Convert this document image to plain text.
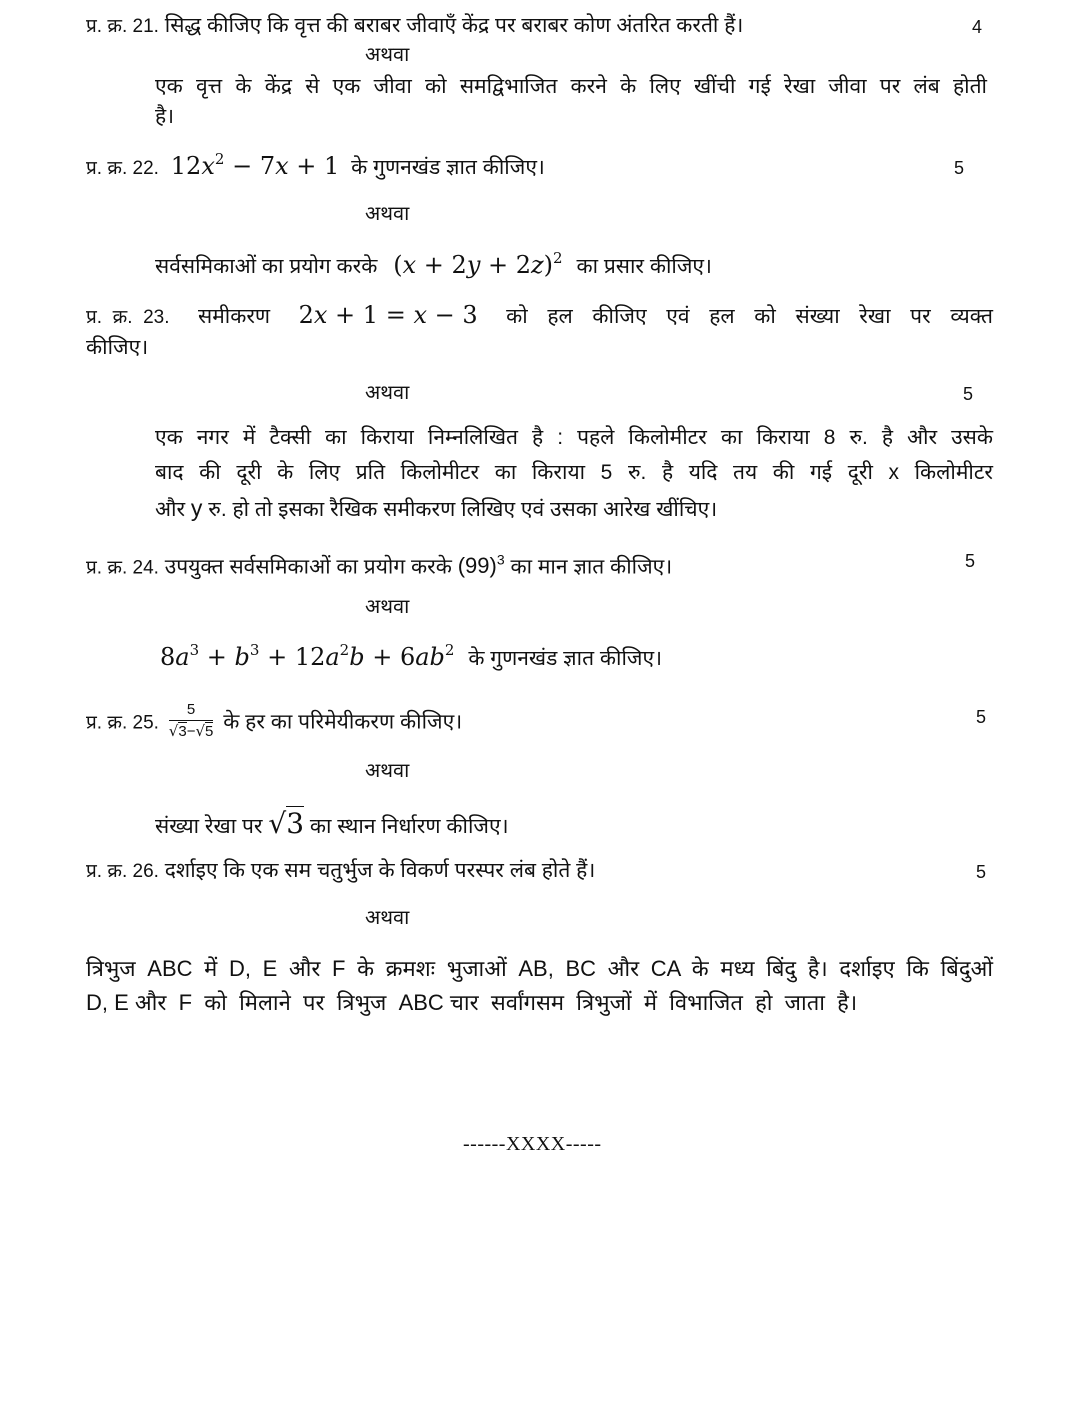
प्र. क्र. 21. सिद्ध कीजिए कि वृत्त की बराबर जीवाएँ केंद्र पर बराबर कोण अंतरित करती हैं।	4
अथवा
एक वृत्त के केंद्र से एक जीवा को समद्विभाजित करने के लिए खींची गई रेखा जीवा पर लंब होती
है।
प्र. क्र. 22. $12x^2 - 7x + 1$ के गुणनखंड ज्ञात कीजिए।	5
अथवा
सर्वसमिकाओं का प्रयोग करके $(x + 2y + 2z)^2$ का प्रसार कीजिए।
प्र.  क्र.  23. समीकरण 2x + 1 = x − 3 को  हल  कीजिए  एवं  हल  को  संख्या  रेखा  पर  व्यक्त
कीजिए।
अथवा	5
एक नगर में टैक्सी का किराया निम्नलिखित है : पहले किलोमीटर का किराया 8 रु. है और उसके
बाद की दूरी के लिए प्रति किलोमीटर का किराया 5 रु. है यदि तय की गई दूरी x किलोमीटर
और y रु. हो तो इसका रैखिक समीकरण लिखिए एवं उसका आरेख खींचिए।
प्र. क्र. 24. उपयुक्त सर्वसमिकाओं का प्रयोग करके $(99)^3$ का मान ज्ञात कीजिए।	5
अथवा
$8a^3 + b^3 + 12a^2b + 6ab^2$ के गुणनखंड ज्ञात कीजिए।
प्र. क्र. 25. $\frac{5}{√3-√5}$ के हर का परिमेयीकरण कीजिए।	5
अथवा
संख्या रेखा पर √3 का स्थान निर्धारण कीजिए।
प्र. क्र. 26. दर्शाइए कि एक सम चतुर्भुज के विकर्ण परस्पर लंब होते हैं।	5
अथवा
त्रिभुज ABC में D, E और F के क्रमशः भुजाओं AB, BC और CA के मध्य बिंदु है। दर्शाइए कि बिंदुओं
D, E और  F  को  मिलाने  पर  त्रिभुज  ABC चार  सर्वांगसम  त्रिभुजों  में  विभाजित  हो  जाता  है।
------XXXX-----
